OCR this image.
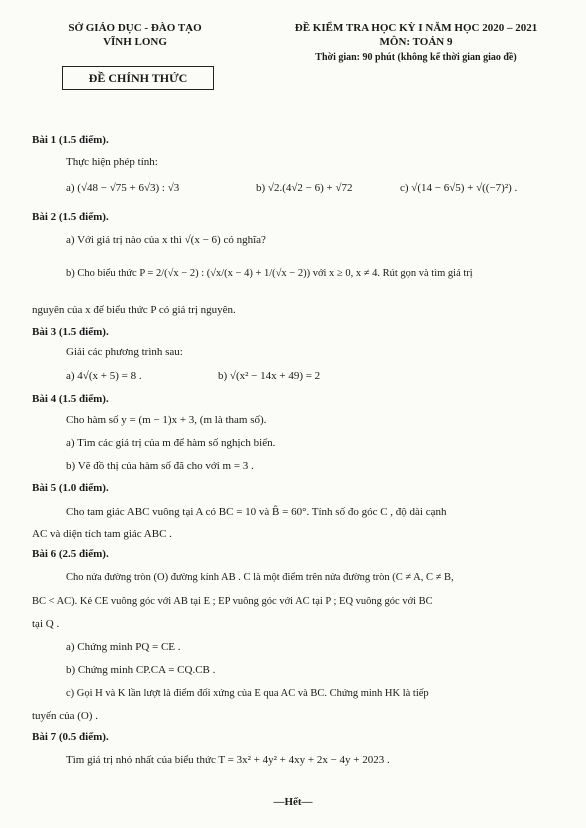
SỞ GIÁO DỤC - ĐÀO TẠO
VĨNH LONG
ĐỀ CHÍNH THỨC
ĐỀ KIỂM TRA HỌC KỲ I NĂM HỌC 2020 – 2021
MÔN: TOÁN 9
Thời gian: 90 phút (không kể thời gian giao đề)
Bài 1 (1.5 điểm).
Thực hiện phép tính:
a) (√48 − √75 + 6√3) : √3	b) √2.(4√2 − 6) + √72	c) √(14 − 6√5) + √((−7)²) .
Bài 2 (1.5 điểm).
a) Với giá trị nào của x thì √(x − 6) có nghĩa?
b) Cho biểu thức P = 2/(√x − 2) : (√x/(x − 4) + 1/(√x − 2)) với x ≥ 0, x ≠ 4. Rút gọn và tìm giá trị
nguyên của x để biểu thức P có giá trị nguyên.
Bài 3 (1.5 điểm).
Giải các phương trình sau:
a) 4√(x + 5) = 8 .	b) √(x² − 14x + 49) = 2
Bài 4 (1.5 điểm).
Cho hàm số y = (m − 1)x + 3, (m là tham số).
a) Tìm các giá trị của m để hàm số nghịch biến.
b) Vẽ đồ thị của hàm số đã cho với m = 3 .
Bài 5 (1.0 điểm).
Cho tam giác ABC vuông tại A có BC = 10 và B̂ = 60°. Tính số đo góc C , độ dài cạnh
AC và diện tích tam giác ABC .
Bài 6 (2.5 điểm).
Cho nửa đường tròn (O) đường kính AB . C là một điểm trên nửa đường tròn (C ≠ A, C ≠ B,
BC < AC). Kẻ CE vuông góc với AB tại E ; EP vuông góc với AC tại P ; EQ vuông góc với BC
tại Q .
a) Chứng minh PQ = CE .
b) Chứng minh CP.CA = CQ.CB .
c) Gọi H và K lần lượt là điểm đối xứng của E qua AC và BC. Chứng minh HK là tiếp
tuyến của (O) .
Bài 7 (0.5 điểm).
Tìm giá trị nhỏ nhất của biểu thức T = 3x² + 4y² + 4xy + 2x − 4y + 2023 .
—Hết—
